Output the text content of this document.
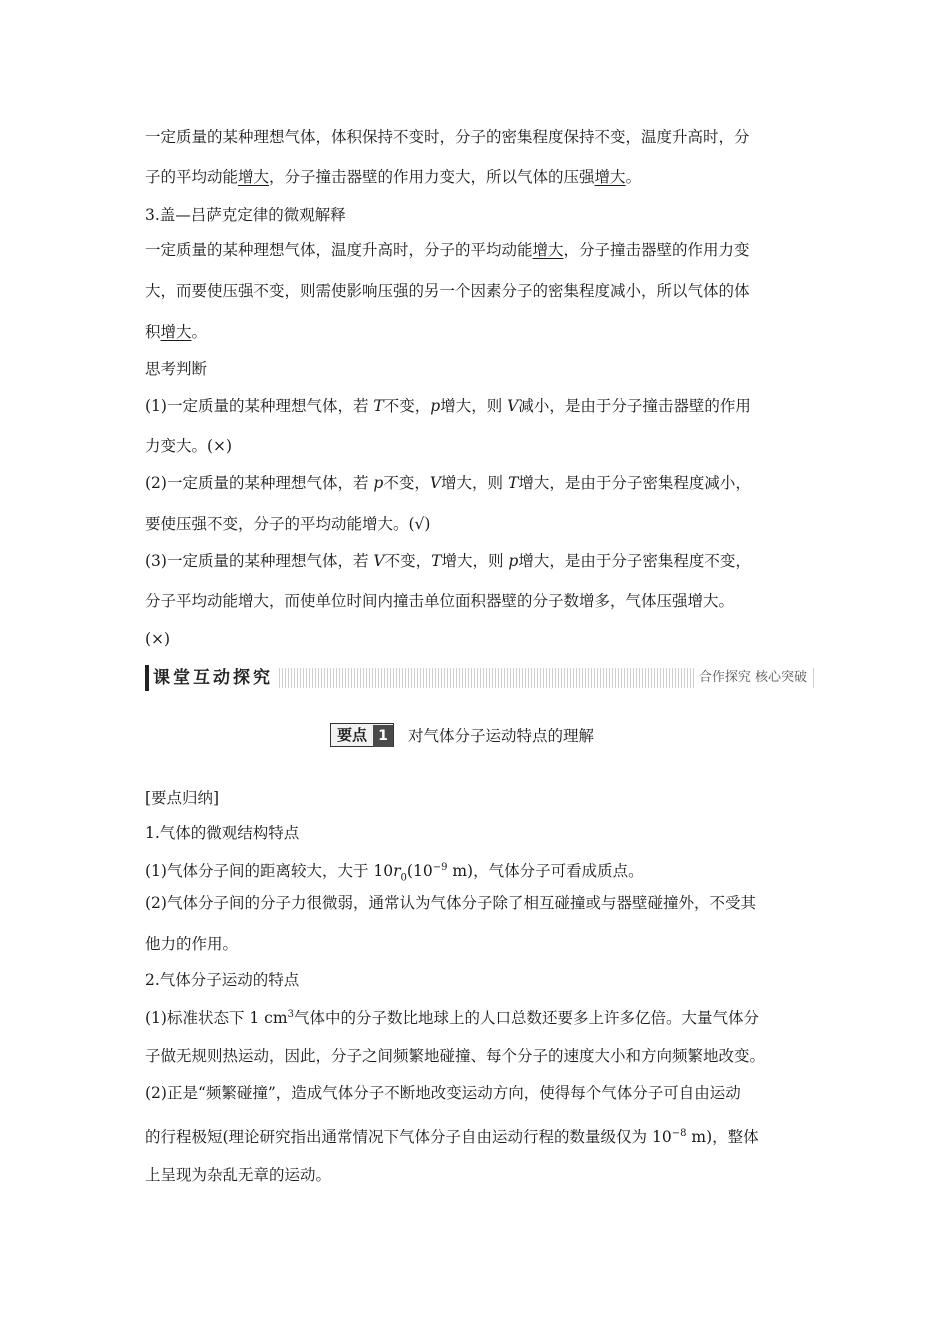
一定质量的某种理想气体，体积保持不变时，分子的密集程度保持不变，温度升高时，分
子的平均动能增大，分子撞击器壁的作用力变大，所以气体的压强增大。
3.盖—吕萨克定律的微观解释
一定质量的某种理想气体，温度升高时，分子的平均动能增大，分子撞击器壁的作用力变
大，而要使压强不变，则需使影响压强的另一个因素分子的密集程度减小，所以气体的体
积增大。
思考判断
(1)一定质量的某种理想气体，若 T不变，p增大，则 V减小，是由于分子撞击器壁的作用
力变大。(×)
(2)一定质量的某种理想气体，若 p不变，V增大，则 T增大，是由于分子密集程度减小，
要使压强不变，分子的平均动能增大。(√)
(3)一定质量的某种理想气体，若 V不变，T增大，则 p增大，是由于分子密集程度不变，
分子平均动能增大，而使单位时间内撞击单位面积器壁的分子数增多，气体压强增大。
(×)
课堂互动探究	合作探究 核心突破
要点 1 对气体分子运动特点的理解
[要点归纳]
1.气体的微观结构特点
(1)气体分子间的距离较大，大于 $10r_0(10^{-9}$ m)，气体分子可看成质点。
(2)气体分子间的分子力很微弱，通常认为气体分子除了相互碰撞或与器壁碰撞外，不受其
他力的作用。
2.气体分子运动的特点
(1)标准状态下 1 $cm^3$气体中的分子数比地球上的人口总数还要多上许多亿倍。大量气体分
子做无规则热运动，因此，分子之间频繁地碰撞、每个分子的速度大小和方向频繁地改变。
(2)正是“频繁碰撞”，造成气体分子不断地改变运动方向，使得每个气体分子可自由运动
的行程极短(理论研究指出通常情况下气体分子自由运动行程的数量级仅为 $10^{-8}$ m)，整体
上呈现为杂乱无章的运动。
